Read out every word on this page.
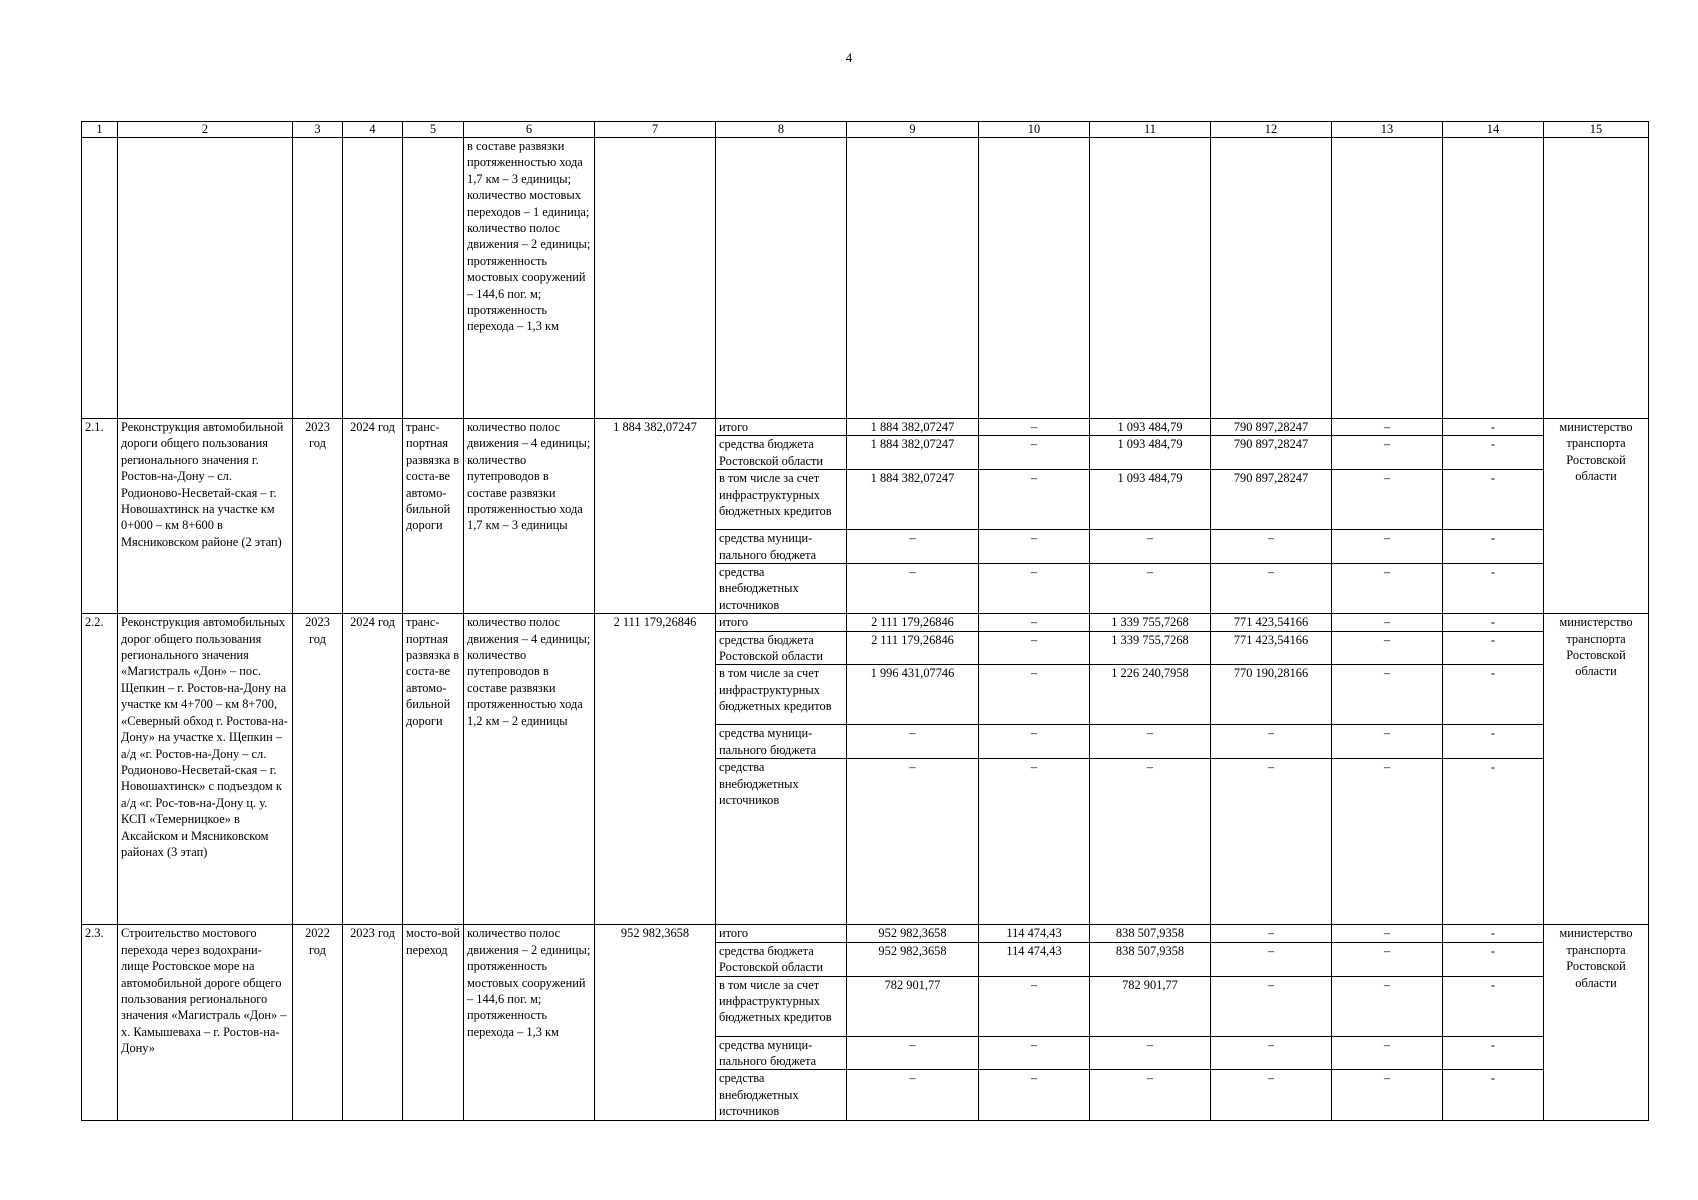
4
1	2	3	4	5	6	7	8	9	10	11	12	13	14	15
					в составе развязки протяженностью хода 1,7 км – 3 единицы; количество мостовых переходов – 1 единица; количество полос движения – 2 единицы; протяженность мостовых сооружений – 144,6 пог. м; протяженность перехода – 1,3 км									
2.1.	Реконструкция автомобильной дороги общего пользования регионального значения г. Ростов-на-Дону – сл. Родионово-Несветай-ская – г. Новошахтинск на участке км 0+000 – км 8+600 в Мясниковском районе (2 этап)	2023 год	2024 год	транс-портная развязка в соста-ве автомо-бильной дороги	количество полос движения – 4 единицы; количество путепроводов в составе развязки протяженностью хода 1,7 км – 3 единицы	1 884 382,07247	итого	1 884 382,07247	–	1 093 484,79	790 897,28247	–	-	министерство транспорта Ростовской области
							средства бюджета Ростовской области	1 884 382,07247	–	1 093 484,79	790 897,28247	–	-	
							в том числе за счет инфраструктурных бюджетных кредитов	1 884 382,07247	–	1 093 484,79	790 897,28247	–	-	
							средства муници-пального бюджета	–	–	–	–	–	-	
							средства внебюджетных источников	–	–	–	–	–	-	
2.2.	Реконструкция автомобильных дорог общего пользования регионального значения «Магистраль «Дон» – пос. Щепкин – г. Ростов-на-Дону на участке км 4+700 – км 8+700, «Северный обход г. Ростова-на-Дону» на участке х. Щепкин – а/д «г. Ростов-на-Дону – сл. Родионово-Несветай-ская – г. Новошахтинск» с подъездом к а/д «г. Рос-тов-на-Дону ц. у. КСП «Темерницкое» в Аксайском и Мясниковском районах (3 этап)	2023 год	2024 год	транс-портная развязка в соста-ве автомо-бильной дороги	количество полос движения – 4 единицы; количество путепроводов в составе развязки протяженностью хода 1,2 км – 2 единицы	2 111 179,26846	итого	2 111 179,26846	–	1 339 755,7268	771 423,54166	–	-	министерство транспорта Ростовской области
							средства бюджета Ростовской области	2 111 179,26846	–	1 339 755,7268	771 423,54166	–	-	
							в том числе за счет инфраструктурных бюджетных кредитов	1 996 431,07746	–	1 226 240,7958	770 190,28166	–	-	
							средства муници-пального бюджета	–	–	–	–	–	-	
							средства внебюджетных источников	–	–	–	–	–	-	
2.3.	Строительство мостового перехода через водохрани-лище Ростовское море на автомобильной дороге общего пользования регионального значения «Магистраль «Дон» – х. Камышеваха – г. Ростов-на-Дону»	2022 год	2023 год	мосто-вой переход	количество полос движения – 2 единицы; протяженность мостовых сооружений – 144,6 пог. м; протяженность перехода – 1,3 км	952 982,3658	итого	952 982,3658	114 474,43	838 507,9358	–	–	-	министерство транспорта Ростовской области
							средства бюджета Ростовской области	952 982,3658	114 474,43	838 507,9358	–	–	-	
							в том числе за счет инфраструктурных бюджетных кредитов	782 901,77	–	782 901,77	–	–	-	
							средства муници-пального бюджета	–	–	–	–	–	-	
							средства внебюджетных источников	–	–	–	–	–	-	
